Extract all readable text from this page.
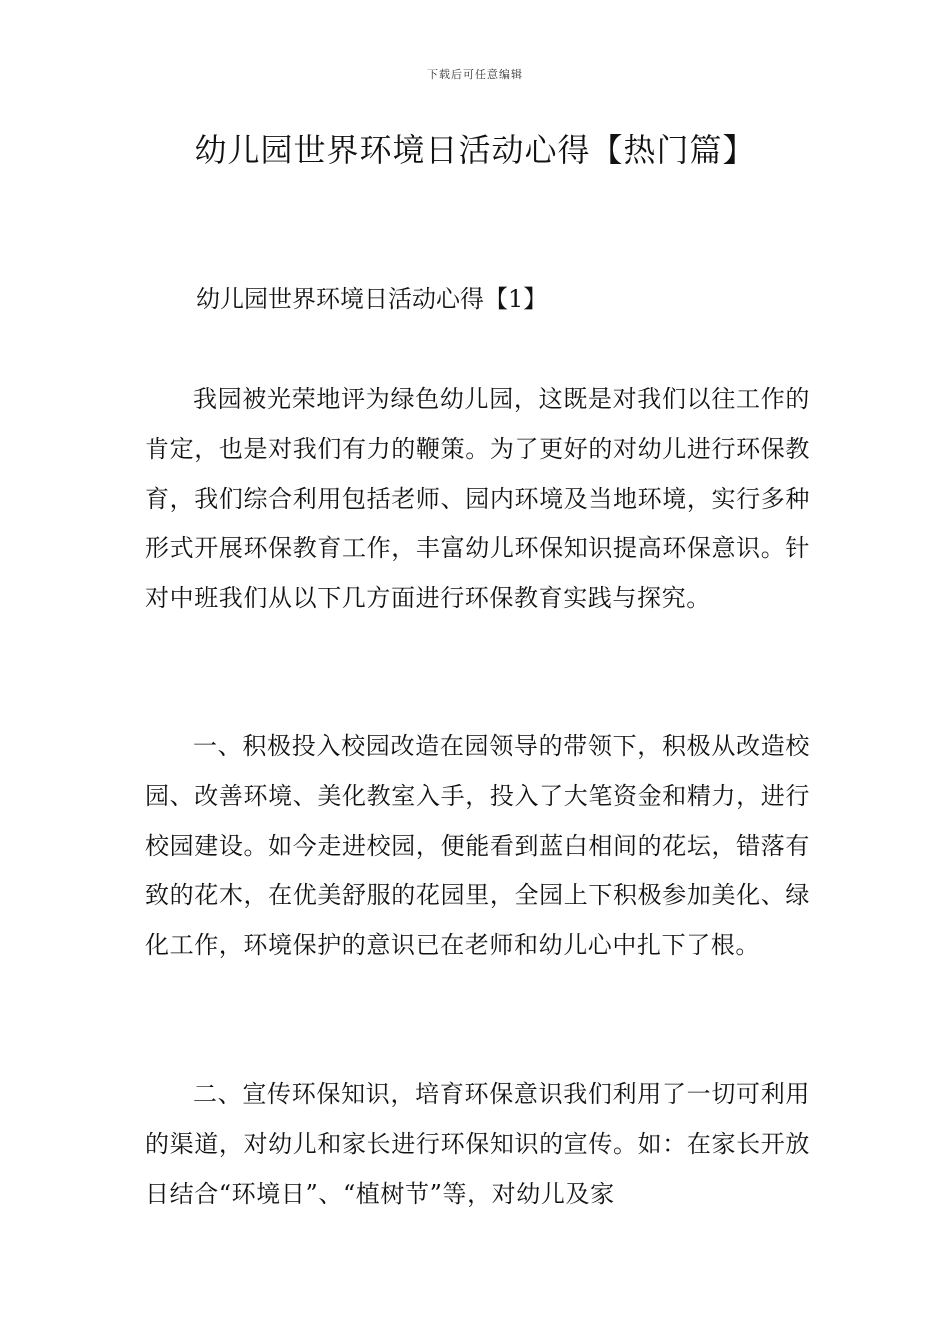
下载后可任意编辑
幼儿园世界环境日活动心得【热门篇】
幼儿园世界环境日活动心得【1】

我园被光荣地评为绿色幼儿园，这既是对我们以往工作的肯定，也是对我们有力的鞭策。为了更好的对幼儿进行环保教育，我们综合利用包括老师、园内环境及当地环境，实行多种形式开展环保教育工作，丰富幼儿环保知识提高环保意识。针对中班我们从以下几方面进行环保教育实践与探究。

一、积极投入校园改造在园领导的带领下，积极从改造校园、改善环境、美化教室入手，投入了大笔资金和精力，进行校园建设。如今走进校园，便能看到蓝白相间的花坛，错落有致的花木，在优美舒服的花园里，全园上下积极参加美化、绿化工作，环境保护的意识已在老师和幼儿心中扎下了根。

二、宣传环保知识，培育环保意识我们利用了一切可利用的渠道，对幼儿和家长进行环保知识的宣传。如：在家长开放日结合“环境日”、“植树节”等，对幼儿及家
